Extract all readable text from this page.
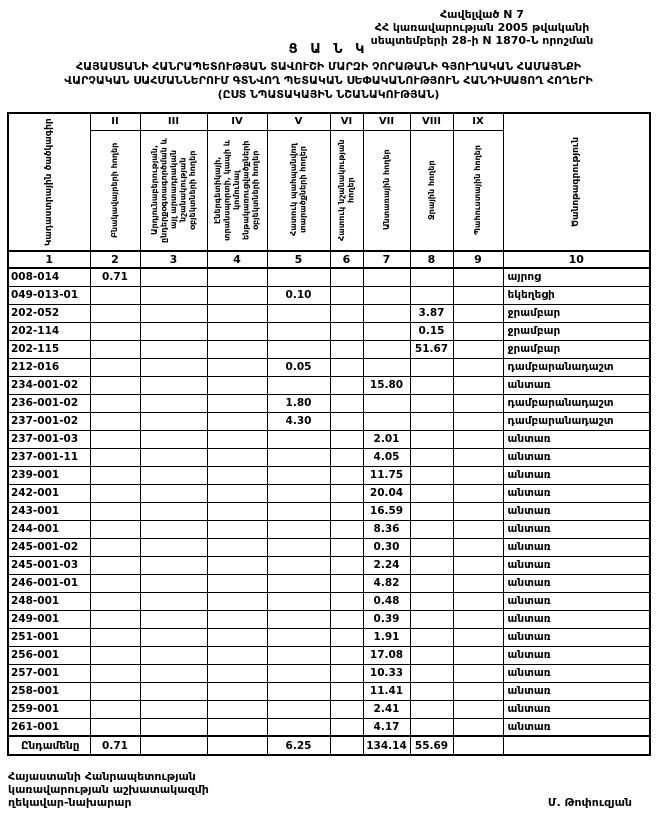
Հավելված N 7
ՀՀ կառավարության 2005 թվականի
սեպտեմբերի 28-ի N 1870-Ն որոշման
Ց Ա Ն Կ
ՀԱՅԱՍՏԱՆԻ ՀԱՆՐԱՊԵՏՈՒԹՅԱՆ ՏԱՎՈՒՇԻ ՄԱՐԶԻ ՉՈՐԱԹԱՆԻ ԳՅՈՒՂԱԿԱՆ ՀԱՄԱՅՆՔԻ
ՎԱՐՉԱԿԱՆ ՍԱՀՄԱՆՆԵՐՈՒՄ ԳՏՆՎՈՂ ՊԵՏԱԿԱՆ ՍԵՓԱԿԱՆՈՒԹՅՈՒՆ ՀԱՆԴԻՍԱՑՈՂ ՀՈՂԵՐԻ
(ԸՍՏ ՆՊԱՏԱԿԱՅԻՆ ՆՇԱՆԱԿՈՒԹՅԱՆ)
Կադաստրային ծածկագիր	II	III	IV	V	VI	VII	VIII	IX	Ծանոթագրություն

	Բնակավայրերի հողեր	Արդյունաբերության, ընդերքօգտագործման և այլ արտադրական նշանակության օբյեկտների հողեր	Էներգետիկայի, տրանսպորտի, կապի և կոմունալ ենթակառուցվածքների օբյեկտների հողեր	Հատուկ պահպանվող տարածքների հողեր	Հատուկ նշանակության հողեր	Անտառային հողեր	Ջրային հողեր	Պահուստային հողեր	

1	2	3	4	5	6	7	8	9	10
008-014	0.71								այրոց
049-013-01				0.10					եկեղեցի
202-052							3.87		ջրամբար
202-114							0.15		ջրամբար
202-115							51.67		ջրամբար
212-016				0.05					դամբարանադաշտ
234-001-02						15.80			անտառ
236-001-02				1.80					դամբարանադաշտ
237-001-02				4.30					դամբարանադաշտ
237-001-03						2.01			անտառ
237-001-11						4.05			անտառ
239-001						11.75			անտառ
242-001						20.04			անտառ
243-001						16.59			անտառ
244-001						8.36			անտառ
245-001-02						0.30			անտառ
245-001-03						2.24			անտառ
246-001-01						4.82			անտառ
248-001						0.48			անտառ
249-001						0.39			անտառ
251-001						1.91			անտառ
256-001						17.08			անտառ
257-001						10.33			անտառ
258-001						11.41			անտառ
259-001						2.41			անտառ
261-001						4.17			անտառ
Ընդամենը	0.71			6.25		134.14	55.69		
Հայաստանի Հանրապետության
կառավարության աշխատակազմի
ղեկավար-նախարար	Մ. Թոփուզյան
